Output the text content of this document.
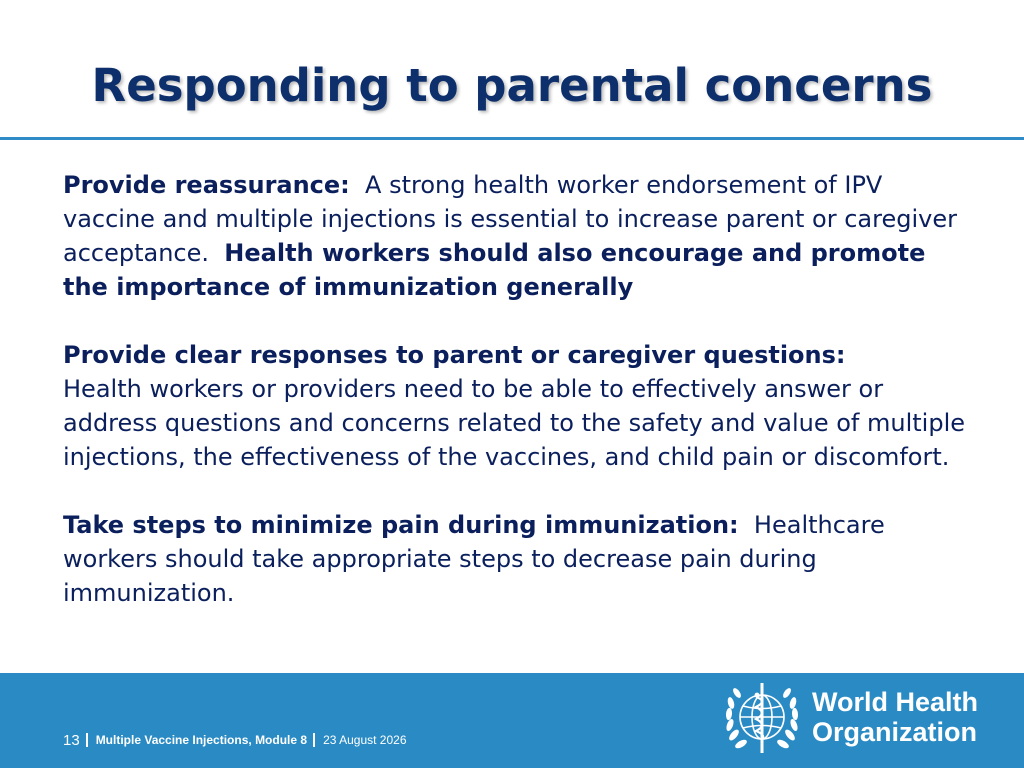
Responding to parental concerns

Provide reassurance: A strong health worker endorsement of IPV vaccine and multiple injections is essential to increase parent or caregiver acceptance. Health workers should also encourage and promote the importance of immunization generally

Provide clear responses to parent or caregiver questions:
Health workers or providers need to be able to effectively answer or address questions and concerns related to the safety and value of multiple injections, the effectiveness of the vaccines, and child pain or discomfort.

Take steps to minimize pain during immunization: Healthcare workers should take appropriate steps to decrease pain during immunization.

13 Multiple Vaccine Injections, Module 8 23 August 2026
World Health
Organization
